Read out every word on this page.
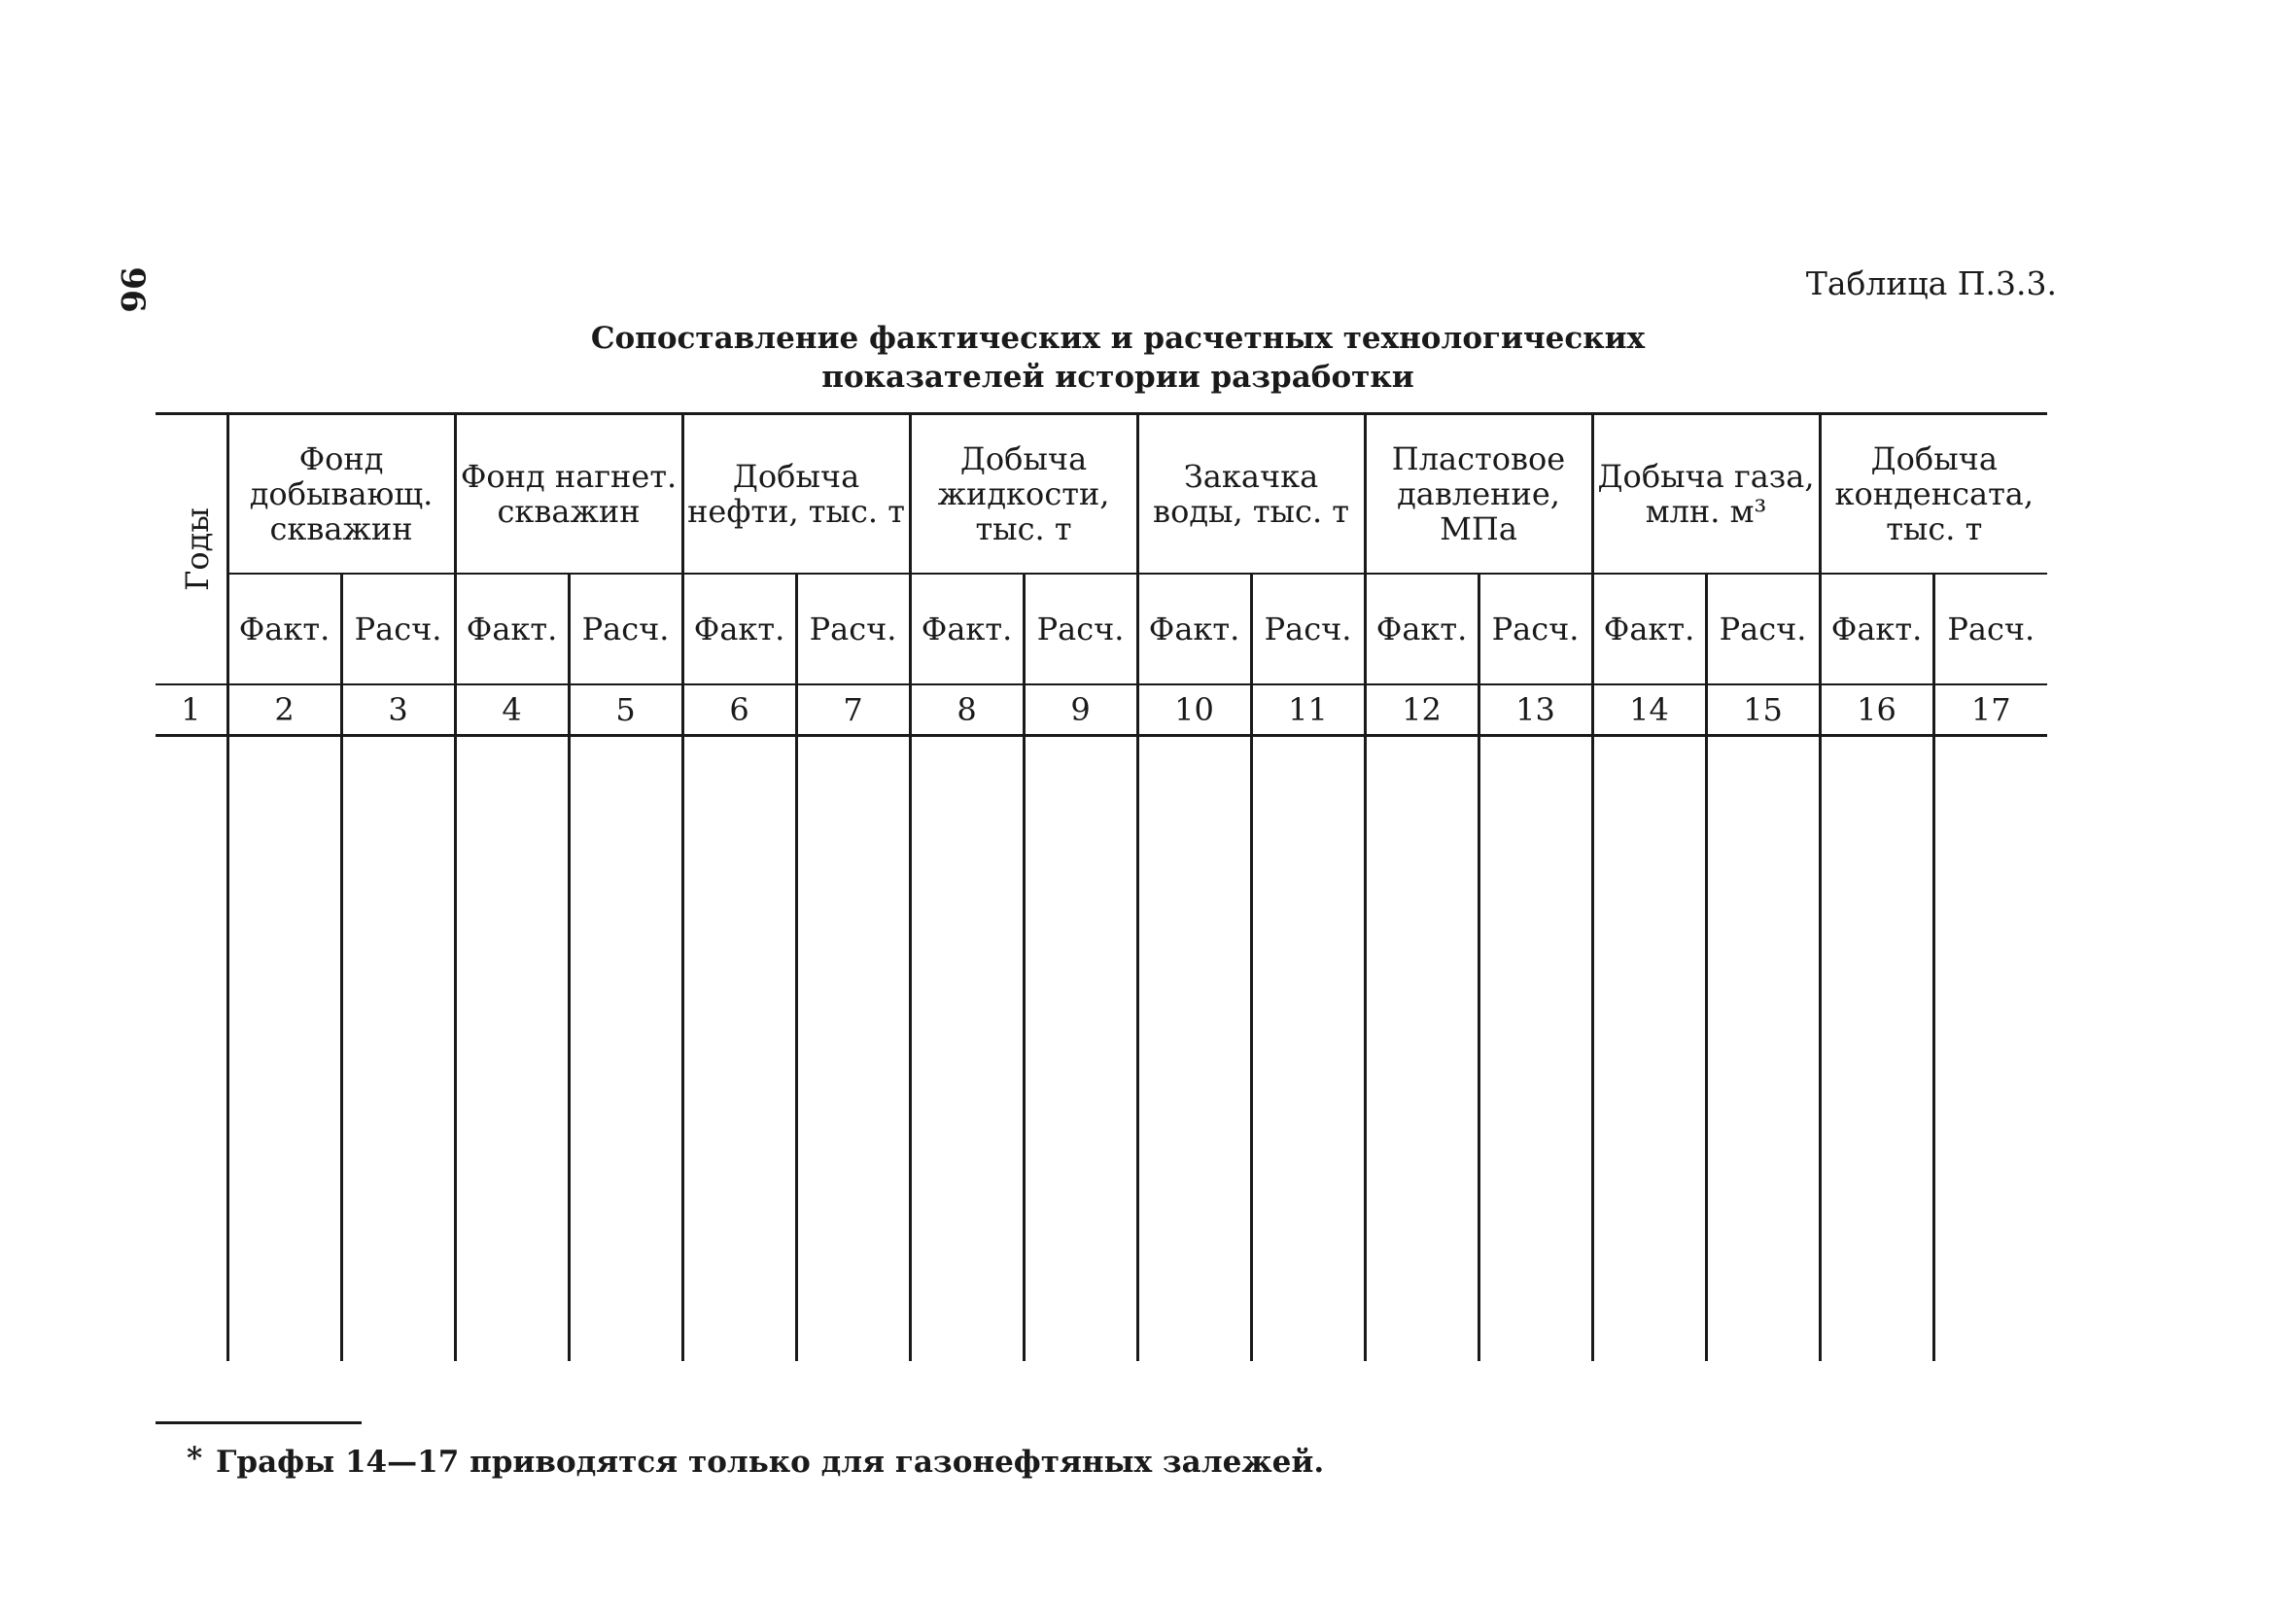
96	Таблица П.3.3.
Сопоставление фактических и расчетных технологических
показателей истории разработки
Годы	Фонд добывающ. скважин		Фонд нагнет. скважин		Добыча нефти, тыс. т		Добыча жидкости, тыс. т		Закачка воды, тыс. т		Пластовое давление, МПа		Добыча газа, млн. м³		Добыча конденсата, тыс. т	
	Факт.	Расч.	Факт.	Расч.	Факт.	Расч.	Факт.	Расч.	Факт.	Расч.	Факт.	Расч.	Факт.	Расч.	Факт.	Расч.
1	2	3	4	5	6	7	8	9	10	11	12	13	14	15	16	17

* Графы 14—17 приводятся только для газонефтяных залежей.
